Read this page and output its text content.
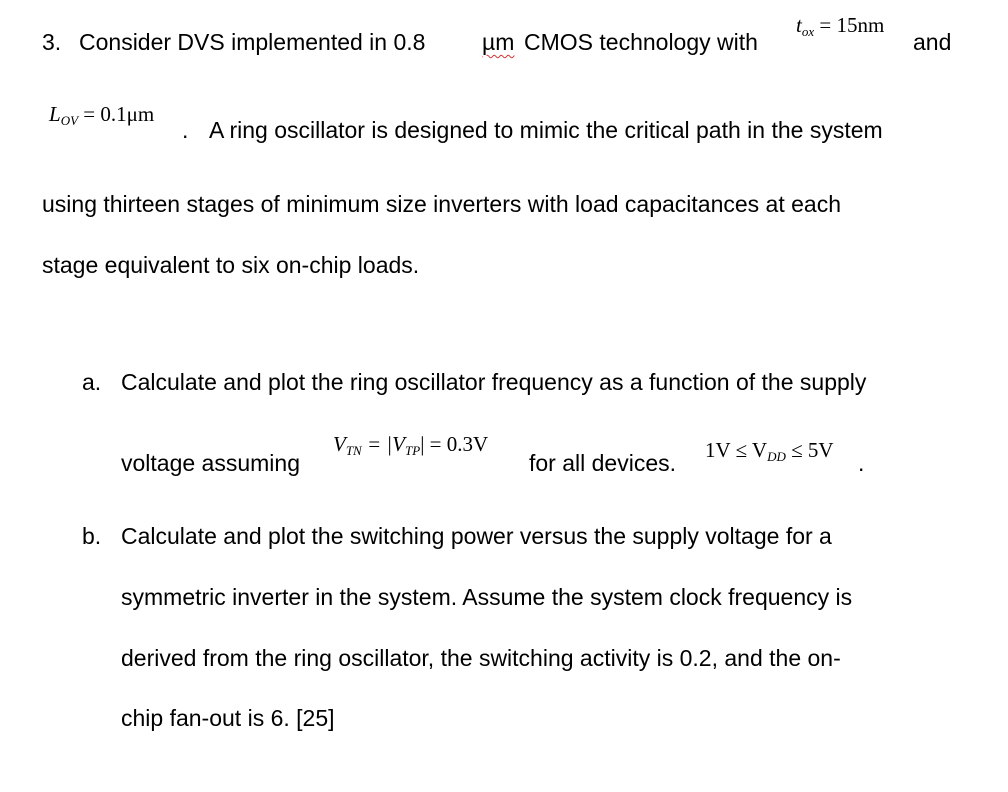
3. Consider DVS implemented in 0.8 µm CMOS technology with
$t_{ox} = 15nm$
and
$L_{OV} = 0.1\mu m$
. A ring oscillator is designed to mimic the critical path in the system
using thirteen stages of minimum size inverters with load capacitances at each
stage equivalent to six on-chip loads.
a. Calculate and plot the ring oscillator frequency as a function of the supply
voltage assuming
$V_{TN} = |V_{TP}| = 0.3V$
for all devices. $1V \le V_{DD} \le 5V$ .
b. Calculate and plot the switching power versus the supply voltage for a
symmetric inverter in the system. Assume the system clock frequency is
derived from the ring oscillator, the switching activity is 0.2, and the on-
chip fan-out is 6. [25]
